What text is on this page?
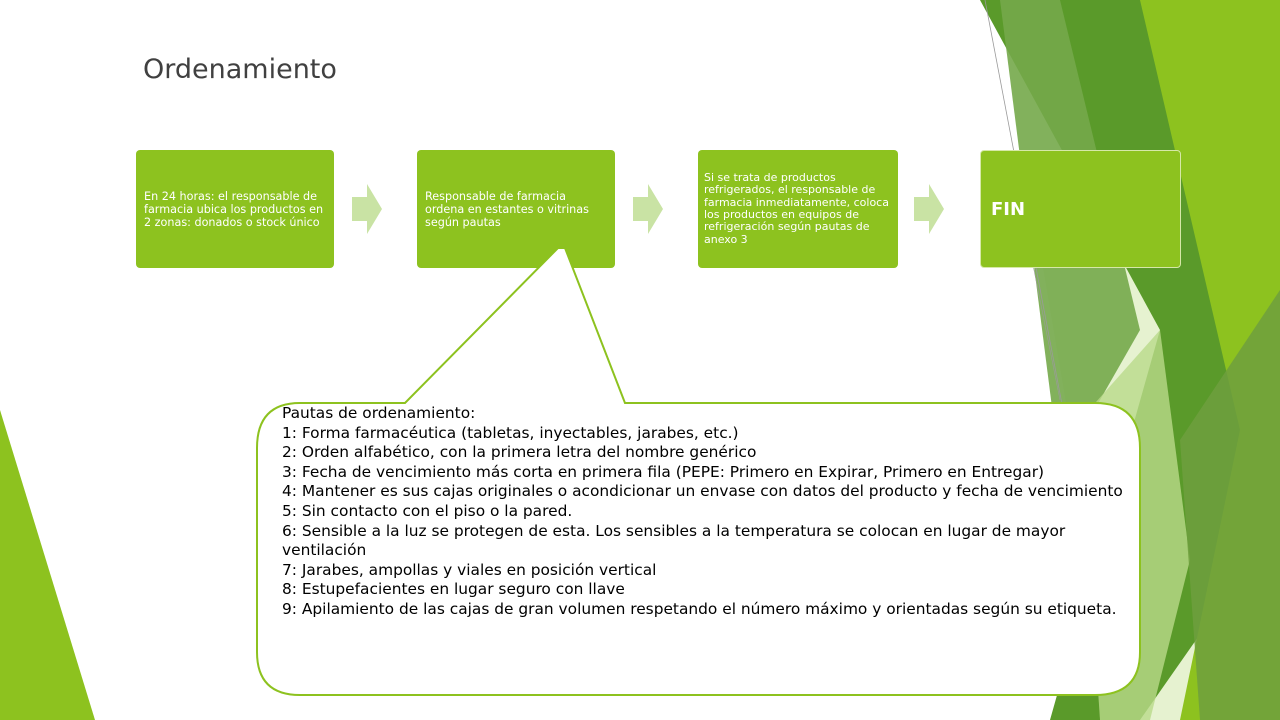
Ordenamiento
En 24 horas: el responsable de farmacia ubica los productos en 2 zonas: donados o stock único
Responsable de farmacia ordena en estantes o vitrinas según pautas
Si se trata de productos refrigerados, el responsable de farmacia inmediatamente, coloca los productos en equipos de refrigeración según pautas de anexo 3
FIN
Pautas de ordenamiento:
1: Forma farmacéutica (tabletas, inyectables, jarabes, etc.)
2: Orden alfabético, con la primera letra del nombre genérico
3: Fecha de vencimiento más corta en primera fila (PEPE: Primero en Expirar, Primero en Entregar)
4: Mantener es sus cajas originales o acondicionar un envase con datos del producto y fecha de vencimiento
5: Sin contacto con el piso o la pared.
6: Sensible a la luz se protegen de esta. Los sensibles a la temperatura se colocan en lugar de mayor ventilación
7: Jarabes, ampollas y viales en posición vertical
8: Estupefacientes en lugar seguro con llave
9: Apilamiento de las cajas de gran volumen respetando el número máximo y orientadas según su etiqueta.
